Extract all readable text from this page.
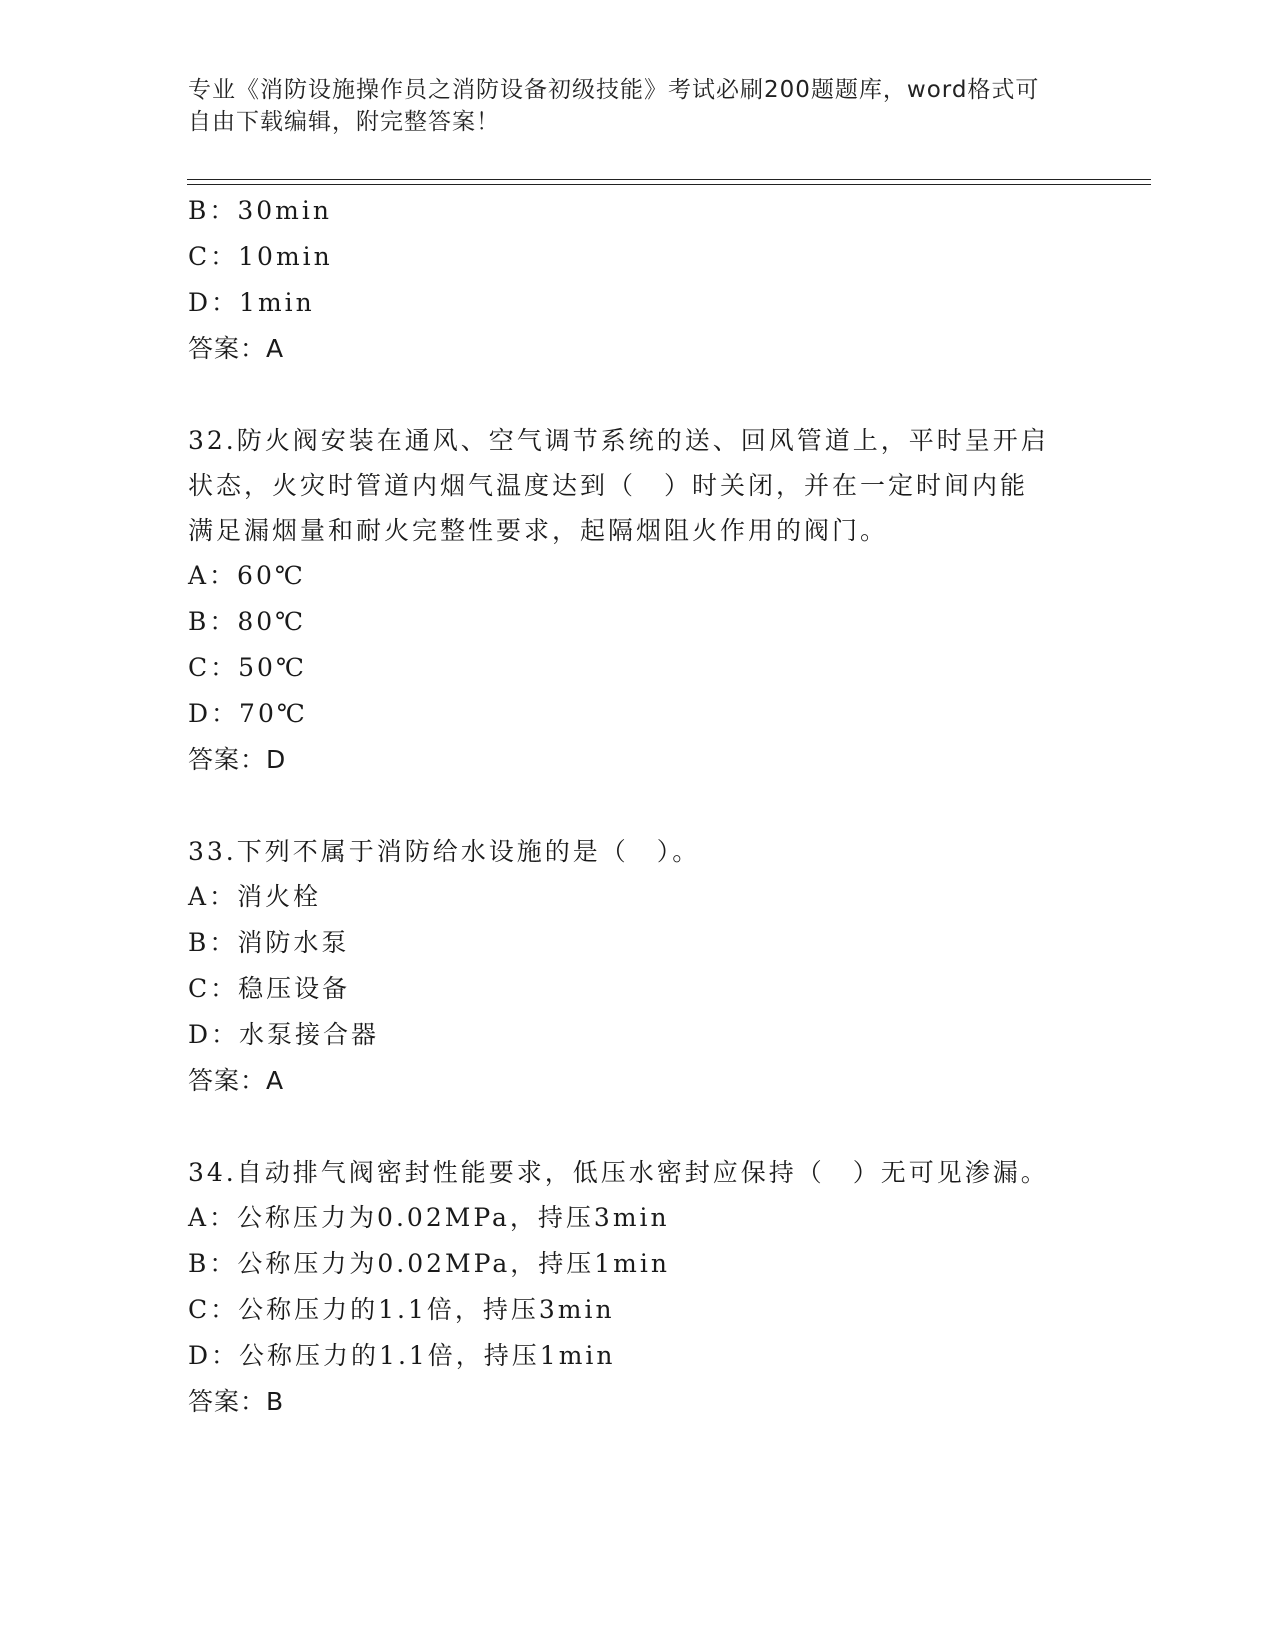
专业《消防设施操作员之消防设备初级技能》考试必刷200题题库，word格式可
自由下载编辑，附完整答案！
B：30min
C：10min
D：1min
答案：A
32.防火阀安装在通风、空气调节系统的送、回风管道上，平时呈开启
状态，火灾时管道内烟气温度达到（　）时关闭，并在一定时间内能
满足漏烟量和耐火完整性要求，起隔烟阻火作用的阀门。
A：60℃
B：80℃
C：50℃
D：70℃
答案：D
33.下列不属于消防给水设施的是（　）。
A：消火栓
B：消防水泵
C：稳压设备
D：水泵接合器
答案：A
34.自动排气阀密封性能要求，低压水密封应保持（　）无可见渗漏。
A：公称压力为0.02MPa，持压3min
B：公称压力为0.02MPa，持压1min
C：公称压力的1.1倍，持压3min
D：公称压力的1.1倍，持压1min
答案：B
